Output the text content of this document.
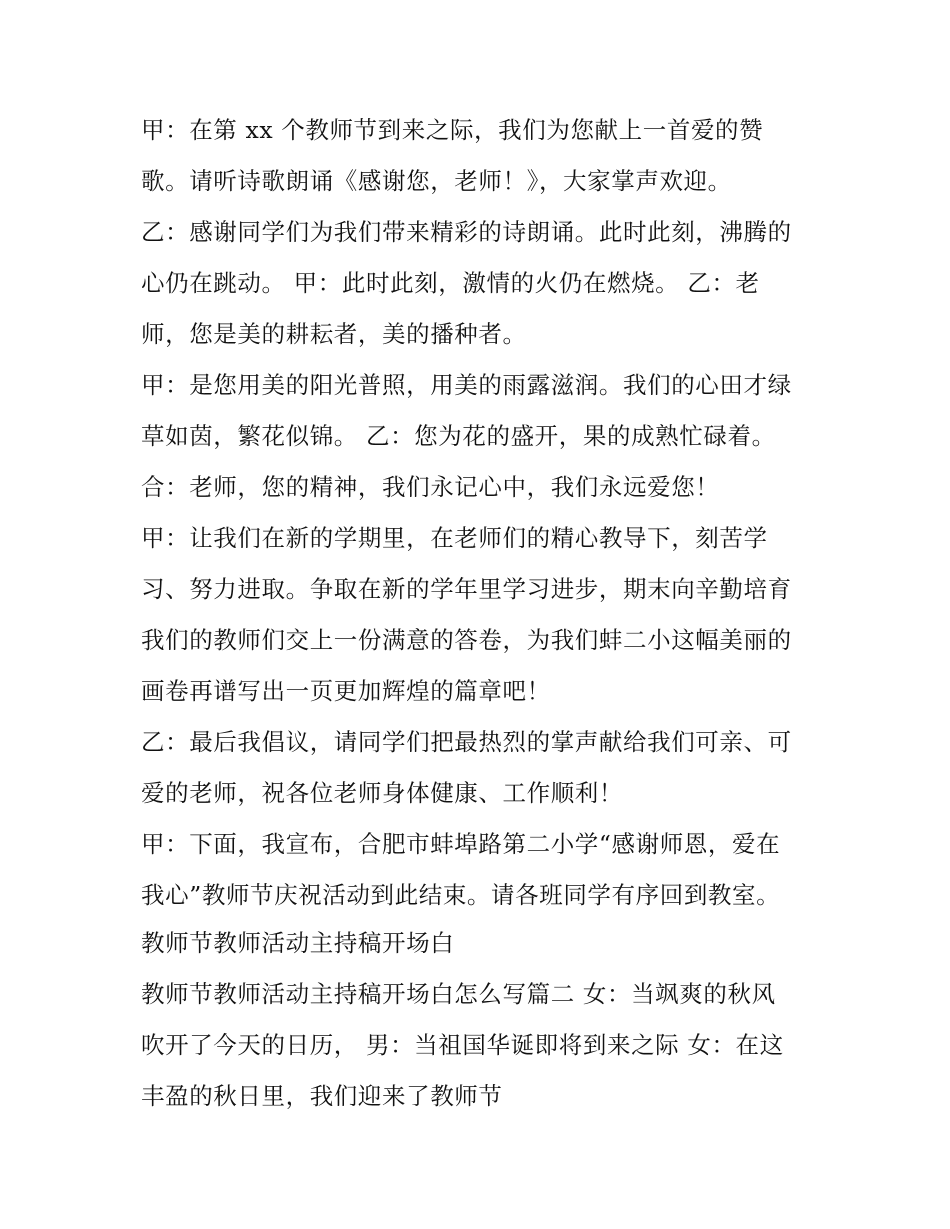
甲：在第 xx 个教师节到来之际，我们为您献上一首爱的赞
歌。请听诗歌朗诵《感谢您，老师！》，大家掌声欢迎。
乙：感谢同学们为我们带来精彩的诗朗诵。此时此刻，沸腾的
心仍在跳动。 甲：此时此刻，激情的火仍在燃烧。 乙：老
师，您是美的耕耘者，美的播种者。
甲：是您用美的阳光普照，用美的雨露滋润。我们的心田才绿
草如茵，繁花似锦。 乙：您为花的盛开，果的成熟忙碌着。
合：老师，您的精神，我们永记心中，我们永远爱您！
甲：让我们在新的学期里，在老师们的精心教导下，刻苦学
习、努力进取。争取在新的学年里学习进步，期末向辛勤培育
我们的教师们交上一份满意的答卷，为我们蚌二小这幅美丽的
画卷再谱写出一页更加辉煌的篇章吧！
乙：最后我倡议，请同学们把最热烈的掌声献给我们可亲、可
爱的老师，祝各位老师身体健康、工作顺利！
甲：下面，我宣布，合肥市蚌埠路第二小学“感谢师恩，爱在
我心”教师节庆祝活动到此结束。请各班同学有序回到教室。
教师节教师活动主持稿开场白
教师节教师活动主持稿开场白怎么写篇二 女：当飒爽的秋风
吹开了今天的日历， 男：当祖国华诞即将到来之际 女：在这
丰盈的秋日里，我们迎来了教师节
